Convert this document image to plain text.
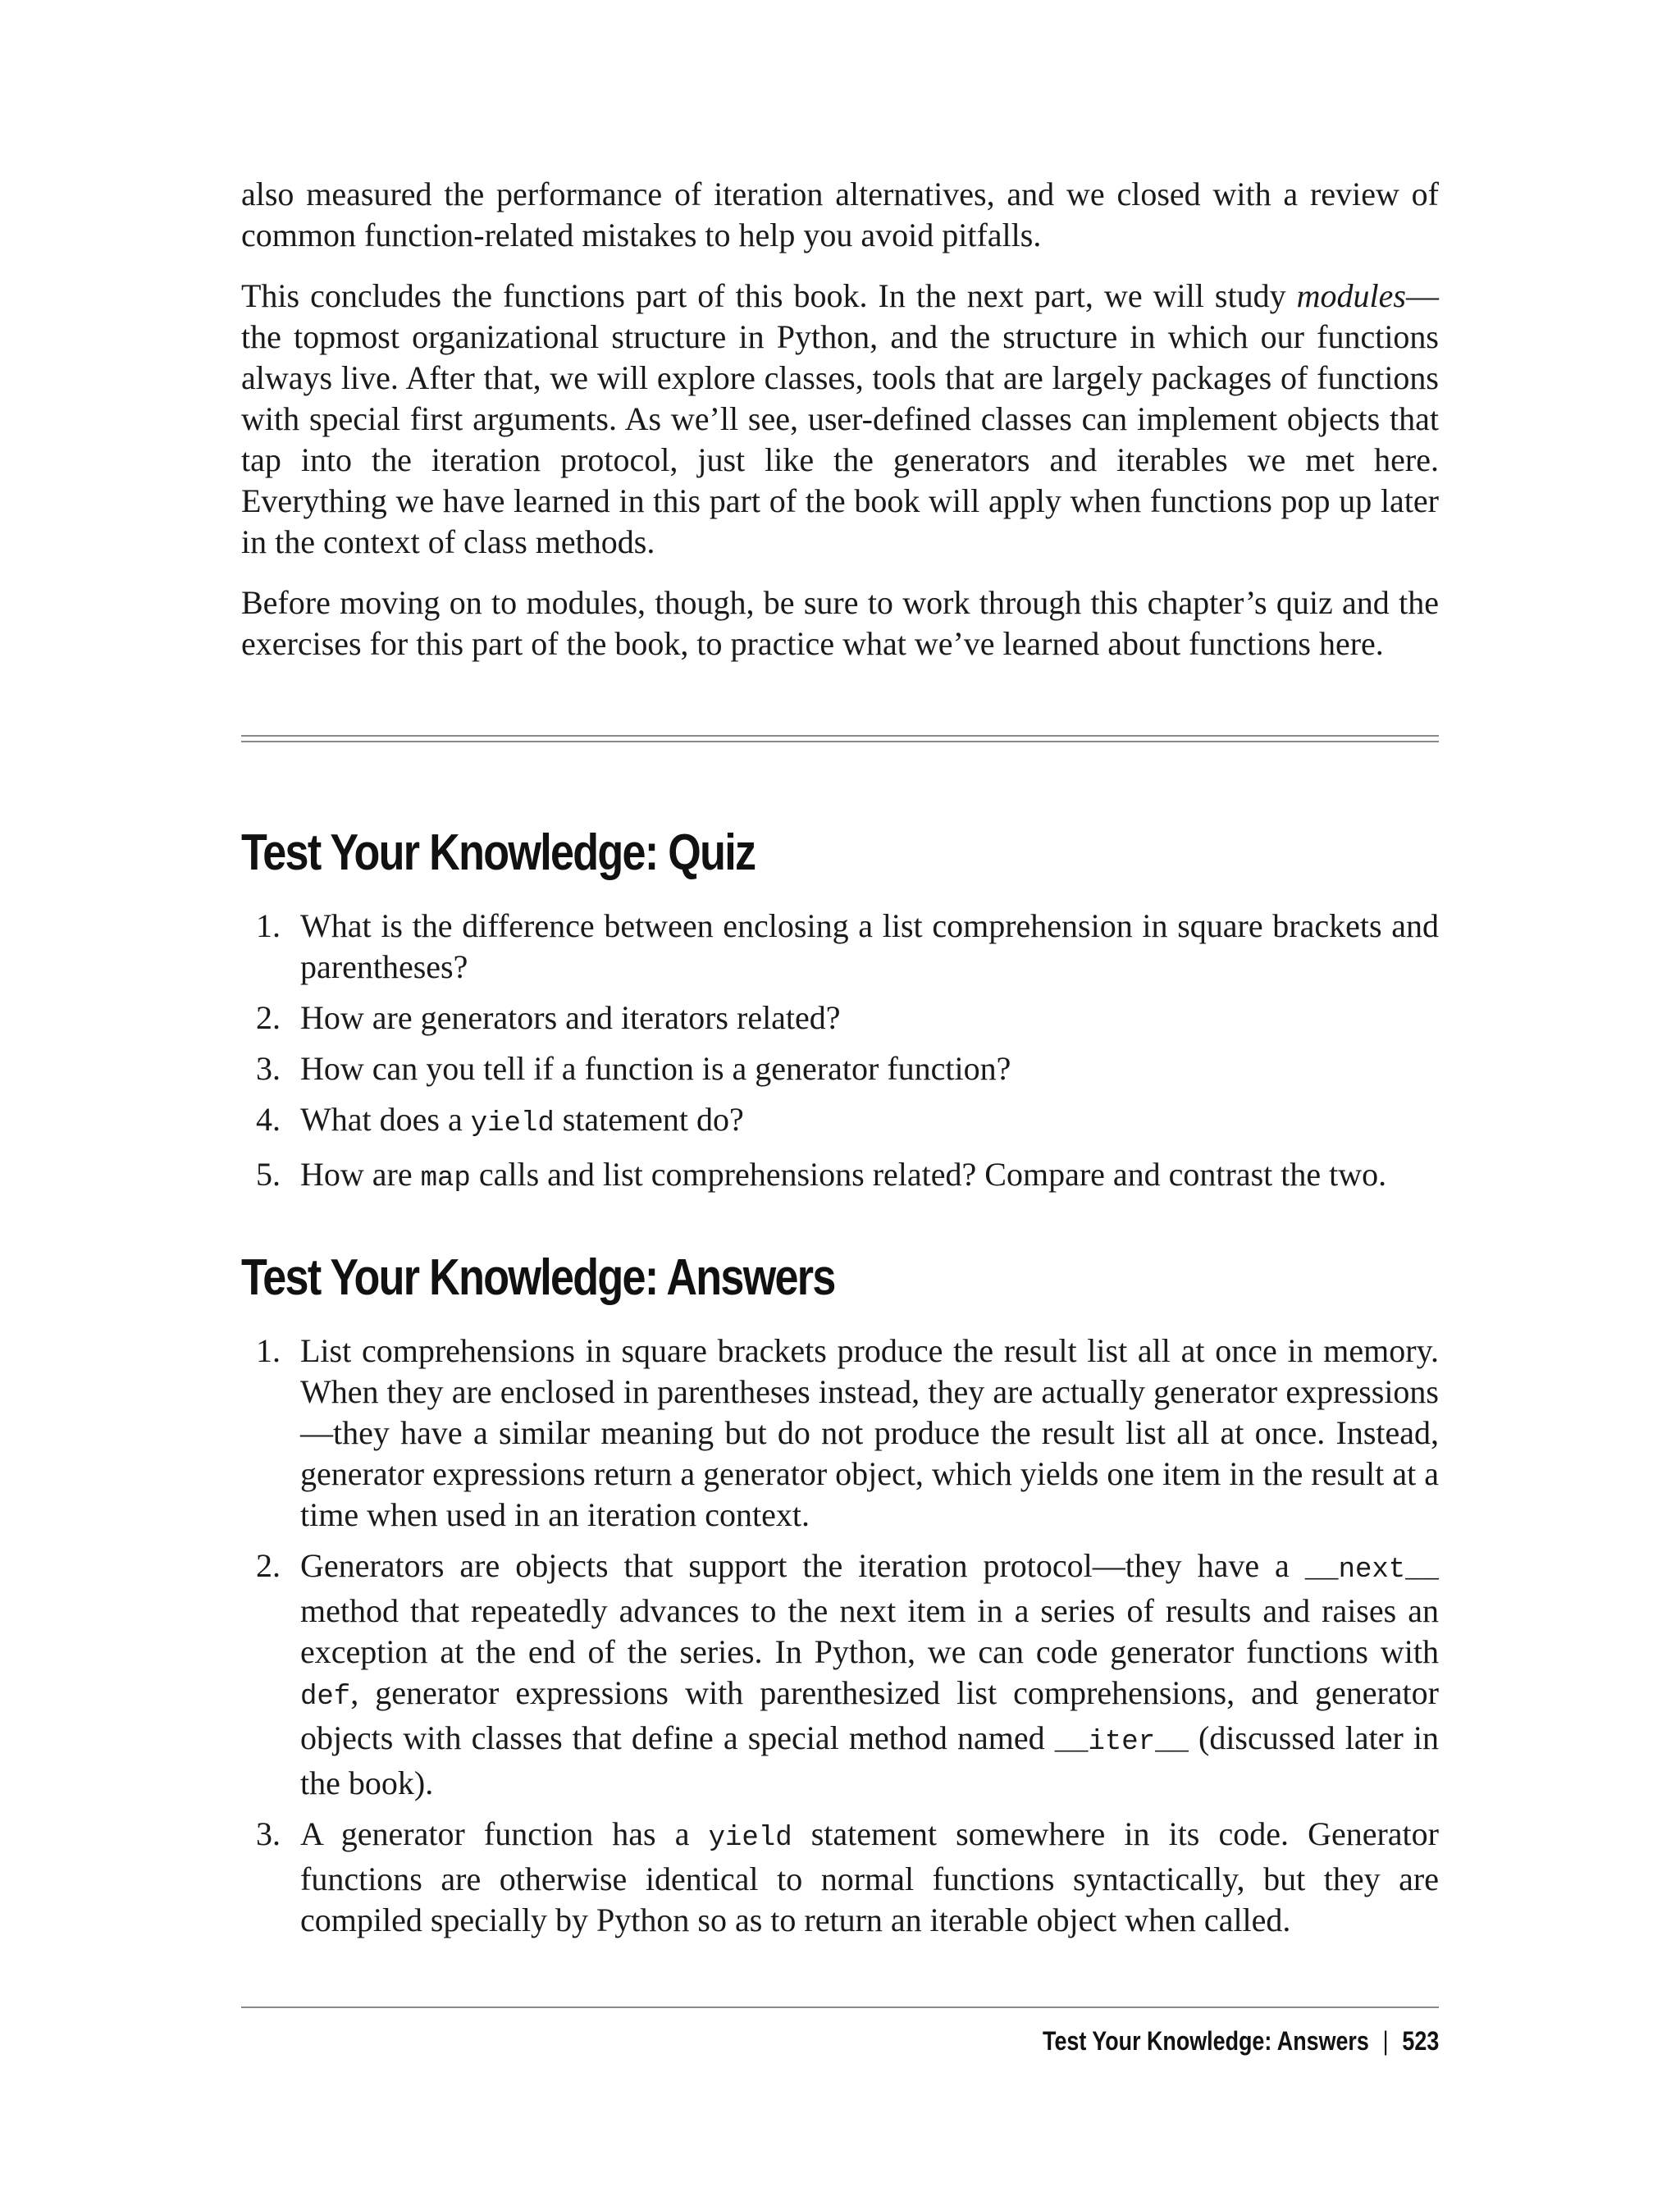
also measured the performance of iteration alternatives, and we closed with a review of common function-related mistakes to help you avoid pitfalls.

This concludes the functions part of this book. In the next part, we will study modules— the topmost organizational structure in Python, and the structure in which our functions always live. After that, we will explore classes, tools that are largely packages of functions with special first arguments. As we’ll see, user-defined classes can implement objects that tap into the iteration protocol, just like the generators and iterables we met here. Everything we have learned in this part of the book will apply when functions pop up later in the context of class methods.

Before moving on to modules, though, be sure to work through this chapter’s quiz and the exercises for this part of the book, to practice what we’ve learned about functions here.

Test Your Knowledge: Quiz
1. What is the difference between enclosing a list comprehension in square brackets and parentheses?
2. How are generators and iterators related?
3. How can you tell if a function is a generator function?
4. What does a yield statement do?
5. How are map calls and list comprehensions related? Compare and contrast the two.
Test Your Knowledge: Answers
1. List comprehensions in square brackets produce the result list all at once in memory. When they are enclosed in parentheses instead, they are actually generator expressions—they have a similar meaning but do not produce the result list all at once. Instead, generator expressions return a generator object, which yields one item in the result at a time when used in an iteration context.
2. Generators are objects that support the iteration protocol—they have a __next__ method that repeatedly advances to the next item in a series of results and raises an exception at the end of the series. In Python, we can code generator functions with def, generator expressions with parenthesized list comprehensions, and generator objects with classes that define a special method named __iter__ (discussed later in the book).
3. A generator function has a yield statement somewhere in its code. Generator functions are otherwise identical to normal functions syntactically, but they are compiled specially by Python so as to return an iterable object when called.
Test Your Knowledge: Answers | 523
